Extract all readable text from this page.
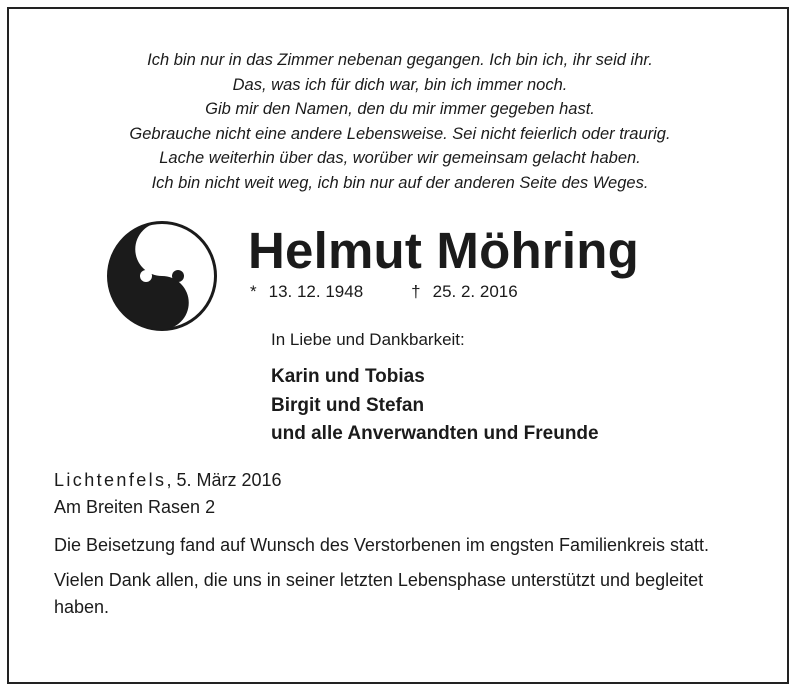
Ich bin nur in das Zimmer nebenan gegangen. Ich bin ich, ihr seid ihr.
Das, was ich für dich war, bin ich immer noch.
Gib mir den Namen, den du mir immer gegeben hast.
Gebrauche nicht eine andere Lebensweise. Sei nicht feierlich oder traurig.
Lache weiterhin über das, worüber wir gemeinsam gelacht haben.
Ich bin nicht weit weg, ich bin nur auf der anderen Seite des Weges.
Helmut Möhring
* 13. 12. 1948	† 25. 2. 2016
In Liebe und Dankbarkeit:
Karin und Tobias
Birgit und Stefan
und alle Anverwandten und Freunde

Lichtenfels, 5. März 2016

Am Breiten Rasen 2

Die Beisetzung fand auf Wunsch des Verstorbenen im engsten Familienkreis statt.

Vielen Dank allen, die uns in seiner letzten Lebensphase unterstützt und begleitet haben.
